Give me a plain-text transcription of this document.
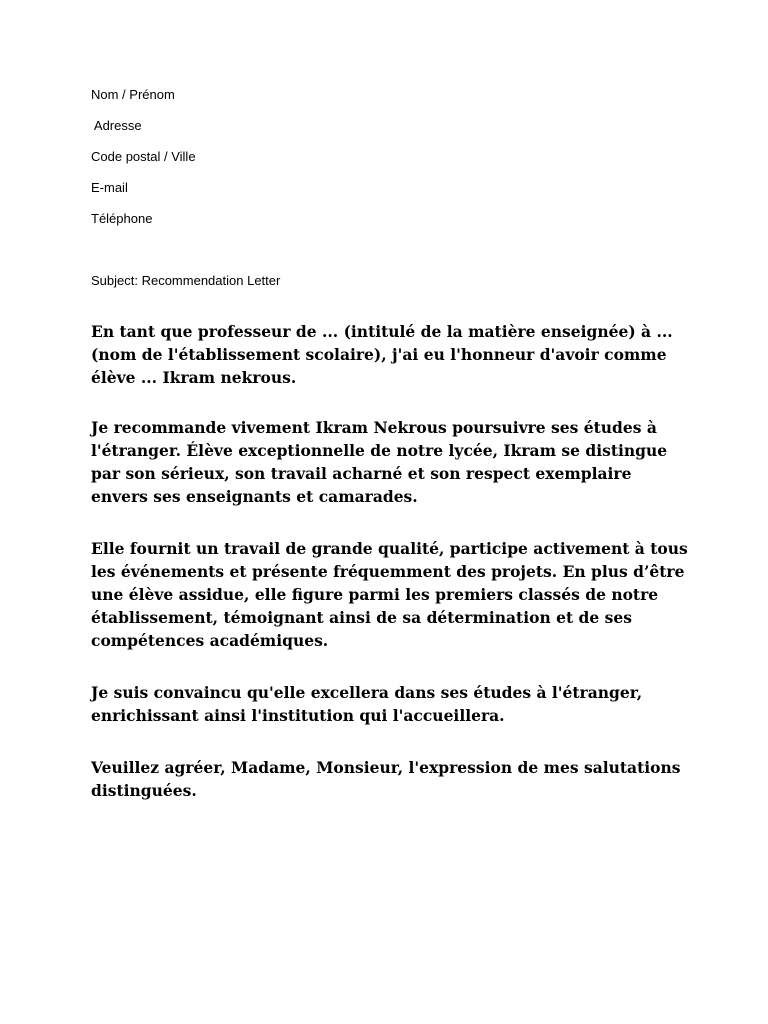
Nom / Prénom
Adresse
Code postal / Ville
E-mail
Téléphone
Subject: Recommendation Letter

En tant que professeur de ... (intitulé de la matière enseignée) à ... (nom de l'établissement scolaire), j'ai eu l'honneur d'avoir comme élève ... Ikram nekrous.

Je recommande vivement Ikram Nekrous poursuivre ses études à l'étranger. Élève exceptionnelle de notre lycée, Ikram se distingue par son sérieux, son travail acharné et son respect exemplaire envers ses enseignants et camarades.

Elle fournit un travail de grande qualité, participe activement à tous les événements et présente fréquemment des projets. En plus d’être une élève assidue, elle figure parmi les premiers classés de notre établissement, témoignant ainsi de sa détermination et de ses compétences académiques.

Je suis convaincu qu'elle excellera dans ses études à l'étranger, enrichissant ainsi l'institution qui l'accueillera.

Veuillez agréer, Madame, Monsieur, l'expression de mes salutations distinguées.
